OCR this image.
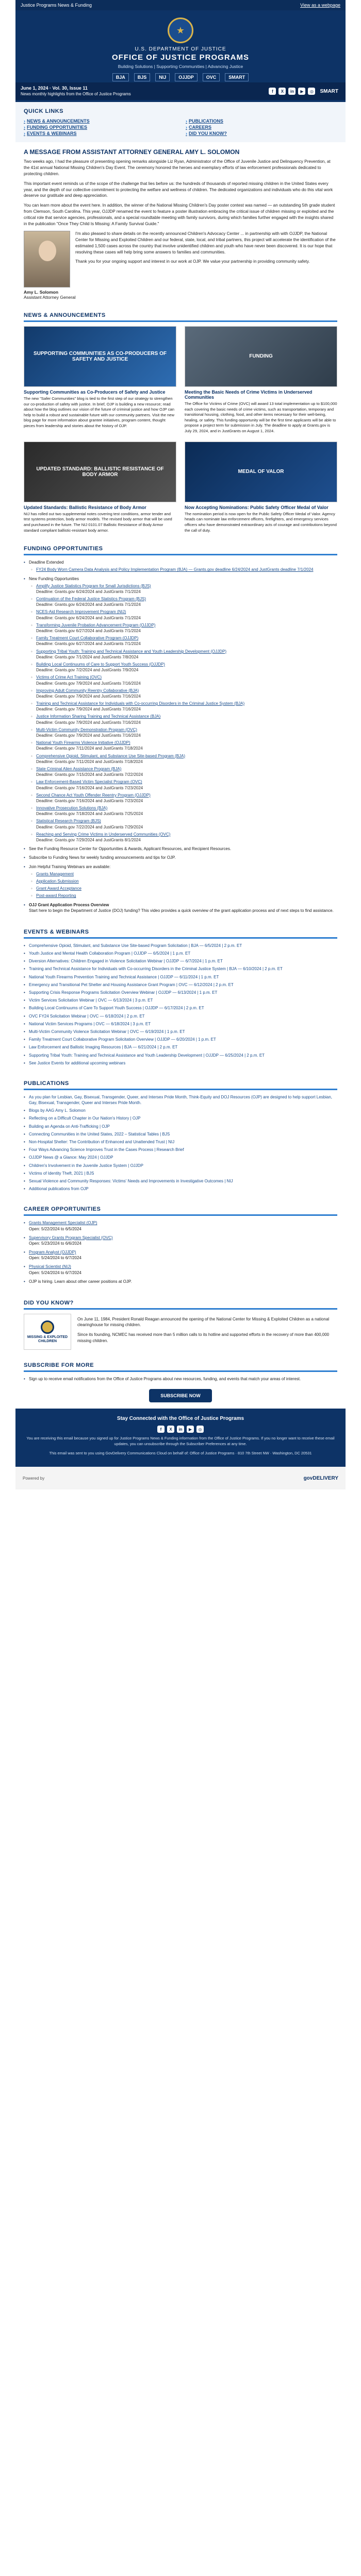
Justice Programs News & Funding	View as a webpage
★
U.S. DEPARTMENT OF JUSTICE
OFFICE OF JUSTICE PROGRAMS
Building Solutions | Supporting Communities | Advancing Justice
BJA	BJS	NIJ	OJJDP	OVC	SMART
June 1, 2024 · Vol. 30, Issue 11
News monthly highlights from the Office of Justice Programs
f	X	in	▶	◎	SMART
QUICK LINKS
› NEWS & ANNOUNCEMENTS	› PUBLICATIONS
› FUNDING OPPORTUNITIES	› CAREERS
› EVENTS & WEBINARS	› DID YOU KNOW?
A MESSAGE FROM ASSISTANT ATTORNEY GENERAL AMY L. SOLOMON

Two weeks ago, I had the pleasure of presenting opening remarks alongside Liz Ryan, Administrator of the Office of Juvenile Justice and Delinquency Prevention, at the 41st annual National Missing Children's Day Event. The ceremony honored the heroes and exemplary efforts of law enforcement professionals dedicated to protecting children.

This important event reminds us of the scope of the challenge that lies before us: the hundreds of thousands of reported missing children in the United States every year, and the depth of our collective commitment to protecting the welfare and wellness of children. The dedicated organizations and individuals who do this vital work deserve our gratitude and deep appreciation.

You can learn more about the event here. In addition, the winner of the National Missing Children's Day poster contest was named — an outstanding 5th grade student from Clemson, South Carolina. This year, OJJDP renamed the event to feature a poster illustration embracing the critical issue of children missing or exploited and the critical role that service agencies, professionals, and a special roundtable meeting with family survivors, during which families further engaged with the insights shared in the publication "Once They Child Is Missing: A Family Survival Guide."

I'm also pleased to share details on the recently announced Children's Advocacy Center ... in partnership with with OJJDP, the National Center for Missing and Exploited Children and our federal, state, local, and tribal partners, this project will accelerate the identification of the estimated 1,500 cases across the country that involve unidentified children and youth who have never been discovered. It is our hope that resolving these cases will help bring some answers to families and communities.

Thank you for your ongoing support and interest in our work at OJP. We value your partnership in providing community safety.

Amy L. Solomon
Assistant Attorney General
NEWS & ANNOUNCEMENTS
SUPPORTING COMMUNITIES AS CO-PRODUCERS OF SAFETY AND JUSTICE
Supporting Communities as Co-Producers of Safety and Justice
The new "Safer Communities" blog is tied to the first step of our strategy to strengthen our co-production of safety with justice. In brief, OJP is building a new resource; read about how the blog outlines our vision of the future of criminal justice and how OJP can help to build a robust and sustainable future with our community partners. Visit the new blog page for more information about grantee initiatives, program content, thought pieces from leadership and stories about the history of OJP.
FUNDING
Meeting the Basic Needs of Crime Victims in Underserved Communities
The Office for Victims of Crime (OVC) will award 13 total implementation up to $100,000 each covering the basic needs of crime victims, such as transportation, temporary and transitional housing, clothing, food, and other items necessary for their well-being, healing, or safety. This funding opportunity will be the first time applicants will be able to propose a project term for submission in July. The deadline to apply at Grants.gov is July 29, 2024, and in JustGrants on August 1, 2024.
UPDATED STANDARD: BALLISTIC RESISTANCE OF BODY ARMOR
Updated Standards: Ballistic Resistance of Body Armor
NIJ has rolled out two supplemental notes covering test conditions, armor tender and test systems protection, body armor models. The revised body armor that will be used and purchased in the future. The NIJ 0101.07 Ballistic Resistance of Body Armor standard compliant ballistic-resistant body armor.
MEDAL OF VALOR
Now Accepting Nominations: Public Safety Officer Medal of Valor
The nomination period is now open for the Public Safety Officer Medal of Valor. Agency heads can nominate law enforcement officers, firefighters, and emergency services officers who have demonstrated extraordinary acts of courage and contributions beyond the call of duty.
FUNDING OPPORTUNITIES
• Deadline Extended
◦ FY24 Body Worn Camera Data Analysis and Policy Implementation Program (BJA) — Grants.gov deadline 6/24/2024 and JustGrants deadline 7/1/2024
• New Funding Opportunities
◦ Amplify Justice Statistics Program for Small Jurisdictions (BJS)
Deadline: Grants.gov 6/24/2024 and JustGrants 7/1/2024
◦ Continuation of the Federal Justice Statistics Program (BJS)
Deadline: Grants.gov 6/24/2024 and JustGrants 7/1/2024
◦ NCES-Aid Research Improvement Program (NIJ)
Deadline: Grants.gov 6/24/2024 and JustGrants 7/1/2024
◦ Transforming Juvenile Probation Advancement Program (OJJDP)
Deadline: Grants.gov 6/27/2024 and JustGrants 7/1/2024
◦ Family Treatment Court Collaborative Program (OJJDP)
Deadline: Grants.gov 6/27/2024 and JustGrants 7/1/2024
◦ Supporting Tribal Youth: Training and Technical Assistance and Youth Leadership Development (OJJDP)
Deadline: Grants.gov 7/1/2024 and JustGrants 7/8/2024
◦ Building Local Continuums of Care to Support Youth Success (OJJDP)
Deadline: Grants.gov 7/2/2024 and JustGrants 7/9/2024
◦ Victims of Crime Act Training (OVC)
Deadline: Grants.gov 7/9/2024 and JustGrants 7/16/2024
◦ Improving Adult Community Reentry Collaborative (BJA)
Deadline: Grants.gov 7/9/2024 and JustGrants 7/16/2024
◦ Training and Technical Assistance for Individuals with Co-occurring Disorders in the Criminal Justice System (BJA)
Deadline: Grants.gov 7/9/2024 and JustGrants 7/16/2024
◦ Justice Information Sharing Training and Technical Assistance (BJA)
Deadline: Grants.gov 7/9/2024 and JustGrants 7/16/2024
◦ Multi-Victim Community Demonstration Program (OVC)
Deadline: Grants.gov 7/9/2024 and JustGrants 7/16/2024
◦ National Youth Firearms Violence Initiative (OJJDP)
Deadline: Grants.gov 7/11/2024 and JustGrants 7/18/2024
◦ Comprehensive Opioid, Stimulant, and Substance Use Site-based Program (BJA)
Deadline: Grants.gov 7/11/2024 and JustGrants 7/18/2024
◦ State Criminal Alien Assistance Program (BJA)
Deadline: Grants.gov 7/15/2024 and JustGrants 7/22/2024
◦ Law Enforcement-Based Victim Specialist Program (OVC)
Deadline: Grants.gov 7/16/2024 and JustGrants 7/23/2024
◦ Second Chance Act Youth Offender Reentry Program (OJJDP)
Deadline: Grants.gov 7/16/2024 and JustGrants 7/23/2024
◦ Innovative Prosecution Solutions (BJA)
Deadline: Grants.gov 7/18/2024 and JustGrants 7/25/2024
◦ Statistical Research Program (BJS)
Deadline: Grants.gov 7/22/2024 and JustGrants 7/29/2024
◦ Reaching and Serving Crime Victims in Underserved Communities (OVC)
Deadline: Grants.gov 7/29/2024 and JustGrants 8/1/2024
• See the Funding Resource Center for Opportunities & Awards, Applicant Resources, and Recipient Resources.
• Subscribe to Funding News for weekly funding announcements and tips for OJP.
• Join Helpful Training Webinars are available:
◦ Grants Management
◦ Application Submission
◦ Grant Award Acceptance
◦ Post-award Reporting
• OJJ Grant Application Process Overview
Start here to begin the Department of Justice (DOJ) funding? This video provides a quick overview of the grant application process and of next steps to find assistance.
EVENTS & WEBINARS
• Comprehensive Opioid, Stimulant, and Substance Use Site-based Program Solicitation | BJA — 6/5/2024 | 2 p.m. ET
• Youth Justice and Mental Health Collaboration Program | OJJDP — 6/5/2024 | 1 p.m. ET
• Diversion Alternatives: Children Engaged in Violence Solicitation Webinar | OJJDP — 6/7/2024 | 1 p.m. ET
• Training and Technical Assistance for Individuals with Co-occurring Disorders in the Criminal Justice System | BJA — 6/10/2024 | 2 p.m. ET
• National Youth Firearms Prevention Training and Technical Assistance | OJJDP — 6/11/2024 | 1 p.m. ET
• Emergency and Transitional Pet Shelter and Housing Assistance Grant Program | OVC — 6/12/2024 | 2 p.m. ET
• Supporting Crisis Response Programs Solicitation Overview Webinar | OJJDP — 6/13/2024 | 1 p.m. ET
• Victim Services Solicitation Webinar | OVC — 6/13/2024 | 3 p.m. ET
• Building Local Continuums of Care To Support Youth Success | OJJDP — 6/17/2024 | 2 p.m. ET
• OVC FY24 Solicitation Webinar | OVC — 6/18/2024 | 2 p.m. ET
• National Victim Services Programs | OVC — 6/18/2024 | 3 p.m. ET
• Multi-Victim Community Violence Solicitation Webinar | OVC — 6/19/2024 | 1 p.m. ET
• Family Treatment Court Collaborative Program Solicitation Overview | OJJDP — 6/20/2024 | 1 p.m. ET
• Law Enforcement and Ballistic Imaging Resources | BJA — 6/21/2024 | 2 p.m. ET
• Supporting Tribal Youth: Training and Technical Assistance and Youth Leadership Development | OJJDP — 6/25/2024 | 2 p.m. ET
• See Justice Events for additional upcoming webinars
PUBLICATIONS
• As you plan for Lesbian, Gay, Bisexual, Transgender, Queer, and Intersex Pride Month, Think-Equity and DOJ Resources (OJP) are designed to help support Lesbian, Gay, Bisexual, Transgender, Queer and Intersex Pride Month.
• Blogs by AAG Amy L. Solomon
• Reflecting on a Difficult Chapter in Our Nation's History | OJP
• Building an Agenda on Anti-Trafficking | OJP
• Connecting Communities in the United States, 2022 – Statistical Tables | BJS
• Non-Hospital Shelter: The Contribution of Enhanced and Unattended Trust | NIJ
• Four Ways Advancing Science Improves Trust in the Cases Process | Research Brief
• OJJDP News @ a Glance: May 2024 | OJJDP
• Children's Involvement in the Juvenile Justice System | OJJDP
• Victims of Identity Theft, 2021 | BJS
• Sexual Violence and Community Responses: Victims' Needs and Improvements in Investigative Outcomes | NIJ
• Additional publications from OJP
CAREER OPPORTUNITIES
• Grants Management Specialist (OJP)
Open: 5/22/2024 to 6/5/2024
• Supervisory Grants Program Specialist (OVC)
Open: 5/23/2024 to 6/6/2024
• Program Analyst (OJJDP)
Open: 5/24/2024 to 6/7/2024
• Physical Scientist (NIJ)
Open: 5/24/2024 to 6/7/2024
• OJP is hiring. Learn about other career positions at OJP.
DID YOU KNOW?
MISSING & EXPLOITED CHILDREN

On June 11, 1984, President Ronald Reagan announced the opening of the National Center for Missing & Exploited Children as a national clearinghouse for missing children.

Since its founding, NCMEC has received more than 5 million calls to its hotline and supported efforts in the recovery of more than 400,000 missing children.

SUBSCRIBE FOR MORE
• Sign up to receive email notifications from the Office of Justice Programs about new resources, funding, and events that match your areas of interest.
SUBSCRIBE NOW
Stay Connected with the Office of Justice Programs
f	X	in	▶	◎

You are receiving this email because you signed up for Justice Programs News & Funding information from the Office of Justice Programs. If you no longer want to receive these email updates, you can unsubscribe through the Subscriber Preferences at any time.

This email was sent to you using GovDelivery Communications Cloud on behalf of: Office of Justice Programs · 810 7th Street NW · Washington, DC 20531

Powered by	govDELIVERY
